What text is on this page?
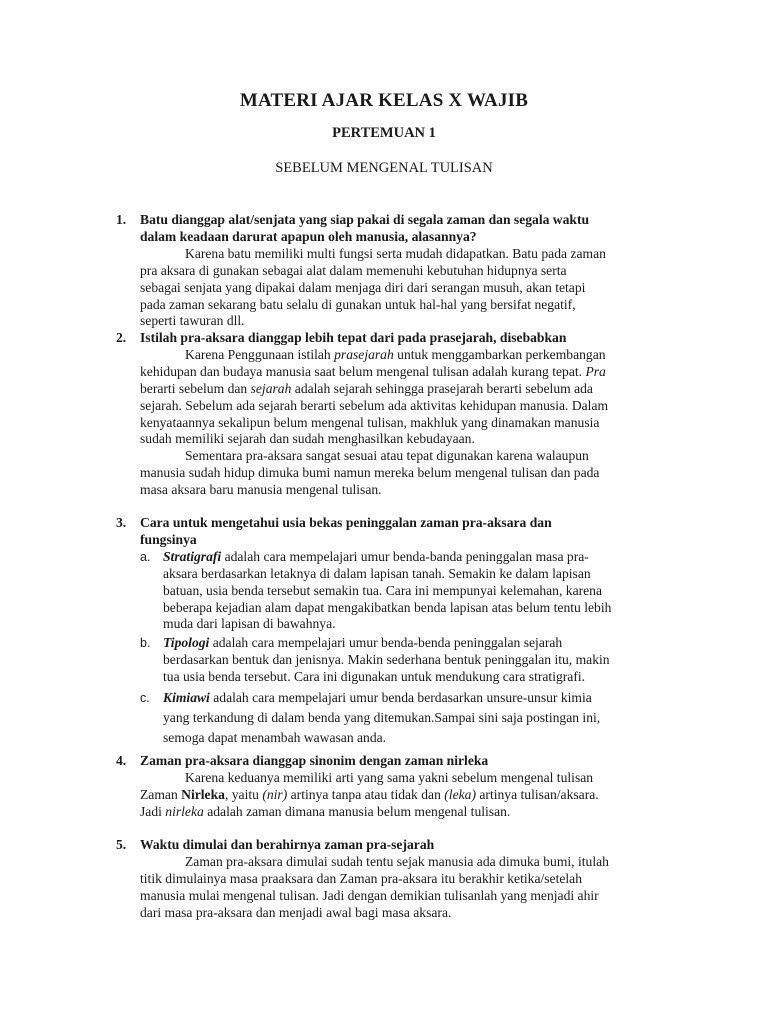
MATERI AJAR KELAS X WAJIB
PERTEMUAN 1
SEBELUM MENGENAL TULISAN
1. Batu dianggap alat/senjata yang siap pakai di segala zaman dan segala waktu
dalam keadaan darurat apapun oleh manusia, alasannya?
Karena batu memiliki multi fungsi serta mudah didapatkan. Batu pada zaman
pra aksara di gunakan sebagai alat dalam memenuhi kebutuhan hidupnya serta
sebagai senjata yang dipakai dalam menjaga diri dari serangan musuh, akan tetapi
pada zaman sekarang batu selalu di gunakan untuk hal-hal yang bersifat negatif,
seperti tawuran dll.
2. Istilah pra-aksara dianggap lebih tepat dari pada prasejarah, disebabkan
Karena Penggunaan istilah prasejarah untuk menggambarkan perkembangan
kehidupan dan budaya manusia saat belum mengenal tulisan adalah kurang tepat. Pra
berarti sebelum dan sejarah adalah sejarah sehingga prasejarah berarti sebelum ada
sejarah. Sebelum ada sejarah berarti sebelum ada aktivitas kehidupan manusia. Dalam
kenyataannya sekalipun belum mengenal tulisan, makhluk yang dinamakan manusia
sudah memiliki sejarah dan sudah menghasilkan kebudayaan.
Sementara pra-aksara sangat sesuai atau tepat digunakan karena walaupun
manusia sudah hidup dimuka bumi namun mereka belum mengenal tulisan dan pada
masa aksara baru manusia mengenal tulisan.
3. Cara untuk mengetahui usia bekas peninggalan zaman pra-aksara dan
fungsinya
a. Stratigrafi adalah cara mempelajari umur benda-banda peninggalan masa pra-
aksara berdasarkan letaknya di dalam lapisan tanah. Semakin ke dalam lapisan
batuan, usia benda tersebut semakin tua. Cara ini mempunyai kelemahan, karena
beberapa kejadian alam dapat mengakibatkan benda lapisan atas belum tentu lebih
muda dari lapisan di bawahnya.
b. Tipologi adalah cara mempelajari umur benda-benda peninggalan sejarah
berdasarkan bentuk dan jenisnya. Makin sederhana bentuk peninggalan itu, makin
tua usia benda tersebut. Cara ini digunakan untuk mendukung cara stratigrafi.
c. Kimiawi adalah cara mempelajari umur benda berdasarkan unsure-unsur kimia
yang terkandung di dalam benda yang ditemukan.Sampai sini saja postingan ini,
semoga dapat menambah wawasan anda.
4. Zaman pra-aksara dianggap sinonim dengan zaman nirleka
Karena keduanya memiliki arti yang sama yakni sebelum mengenal tulisan
Zaman Nirleka, yaitu (nir) artinya tanpa atau tidak dan (leka) artinya tulisan/aksara.
Jadi nirleka adalah zaman dimana manusia belum mengenal tulisan.
5. Waktu dimulai dan berahirnya zaman pra-sejarah
Zaman pra-aksara dimulai sudah tentu sejak manusia ada dimuka bumi, itulah
titik dimulainya masa praaksara dan Zaman pra-aksara itu berakhir ketika/setelah
manusia mulai mengenal tulisan. Jadi dengan demikian tulisanlah yang menjadi ahir
dari masa pra-aksara dan menjadi awal bagi masa aksara.
